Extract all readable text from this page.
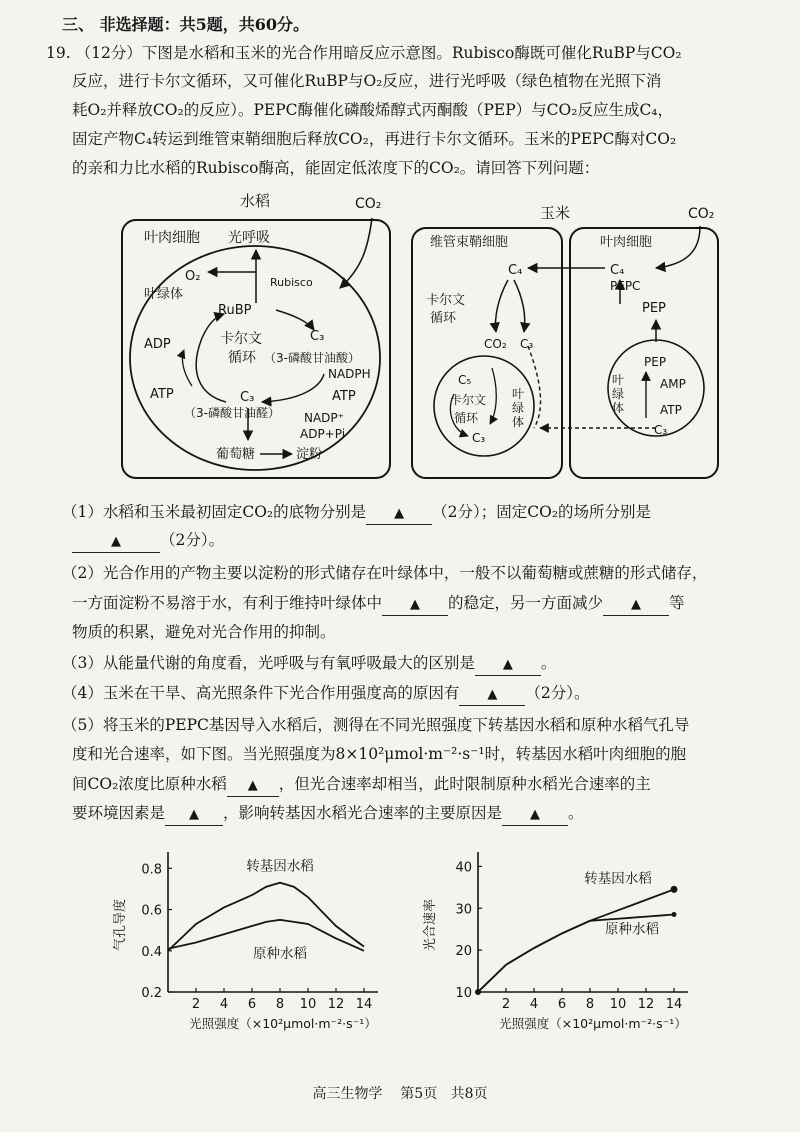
三、 非选择题：共5题，共60分。
19. （12分）下图是水稻和玉米的光合作用暗反应示意图。Rubisco酶既可催化RuBP与CO₂
反应，进行卡尔文循环，又可催化RuBP与O₂反应，进行光呼吸（绿色植物在光照下消
耗O₂并释放CO₂的反应）。PEPC酶催化磷酸烯醇式丙酮酸（PEP）与CO₂反应生成C₄，
固定产物C₄转运到维管束鞘细胞后释放CO₂，再进行卡尔文循环。玉米的PEPC酶对CO₂
的亲和力比水稻的Rubisco酶高，能固定低浓度下的CO₂。请回答下列问题：
水稻	CO₂
叶肉细胞 光呼吸
O₂
叶绿体
Rubisco
RuBP
C₃
卡尔文
循环 （3-磷酸甘油酸）
NADPH
ADP
ATP	ATP
C₃
（3-磷酸甘油醛） NADP⁺
ADP+Pi
葡萄糖	淀粉
玉米	CO₂
维管束鞘细胞	叶肉细胞
C₄	C₄
PEPC
PEP
卡尔文
循环
CO₂ C₃
C₅
卡尔文
循环
C₃
叶
绿
体
PEP
叶
绿
体
AMP
ATP
C₃
（1）水稻和玉米最初固定CO₂的底物分别是 ▲ （2分）；固定CO₂的场所分别是
▲	（2分）。
（2）光合作用的产物主要以淀粉的形式储存在叶绿体中，一般不以葡萄糖或蔗糖的形式储存，
一方面淀粉不易溶于水，有利于维持叶绿体中 ▲ 的稳定，另一方面减少 ▲ 等
物质的积累，避免对光合作用的抑制。
（3）从能量代谢的角度看，光呼吸与有氧呼吸最大的区别是 ▲ 。
（4）玉米在干旱、高光照条件下光合作用强度高的原因有 ▲ （2分）。
（5）将玉米的PEPC基因导入水稻后，测得在不同光照强度下转基因水稻和原种水稻气孔导
度和光合速率，如下图。当光照强度为8×10²μmol·m⁻²·s⁻¹时，转基因水稻叶肉细胞的胞
间CO₂浓度比原种水稻 ▲ ，但光合速率却相当，此时限制原种水稻光合速率的主
要环境因素是 ▲ ，影响转基因水稻光合速率的主要原因是 ▲ 。
2 4 6 8 10 12 14
0.2
0.4
0.6
0.8
气孔导度
光照强度（×10²μmol·m⁻²·s⁻¹）
转基因水稻
原种水稻
2 4 6 8 10 12 14
10
20
30
40
光合速率
光照强度（×10²μmol·m⁻²·s⁻¹）
转基因水稻
原种水稻
高三生物学 第5页 共8页
